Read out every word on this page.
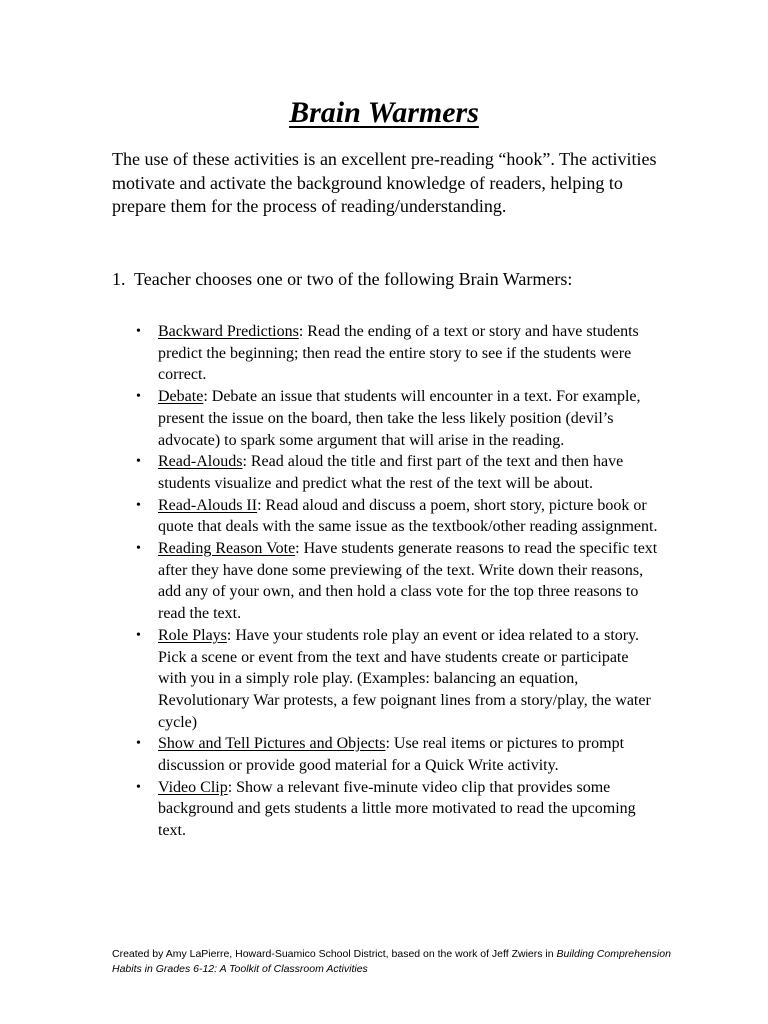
Brain Warmers

The use of these activities is an excellent pre-reading “hook”. The activities motivate and activate the background knowledge of readers, helping to prepare them for the process of reading/understanding.

1. Teacher chooses one or two of the following Brain Warmers:

• Backward Predictions: Read the ending of a text or story and have students predict the beginning; then read the entire story to see if the students were correct.
• Debate: Debate an issue that students will encounter in a text. For example, present the issue on the board, then take the less likely position (devil’s advocate) to spark some argument that will arise in the reading.
• Read-Alouds: Read aloud the title and first part of the text and then have students visualize and predict what the rest of the text will be about.
• Read-Alouds II: Read aloud and discuss a poem, short story, picture book or quote that deals with the same issue as the textbook/other reading assignment.
• Reading Reason Vote: Have students generate reasons to read the specific text after they have done some previewing of the text. Write down their reasons, add any of your own, and then hold a class vote for the top three reasons to read the text.
• Role Plays: Have your students role play an event or idea related to a story. Pick a scene or event from the text and have students create or participate with you in a simply role play. (Examples: balancing an equation, Revolutionary War protests, a few poignant lines from a story/play, the water cycle)
• Show and Tell Pictures and Objects: Use real items or pictures to prompt discussion or provide good material for a Quick Write activity.
• Video Clip: Show a relevant five-minute video clip that provides some background and gets students a little more motivated to read the upcoming text.

Created by Amy LaPierre, Howard-Suamico School District, based on the work of Jeff Zwiers in Building Comprehension Habits in Grades 6-12: A Toolkit of Classroom Activities
